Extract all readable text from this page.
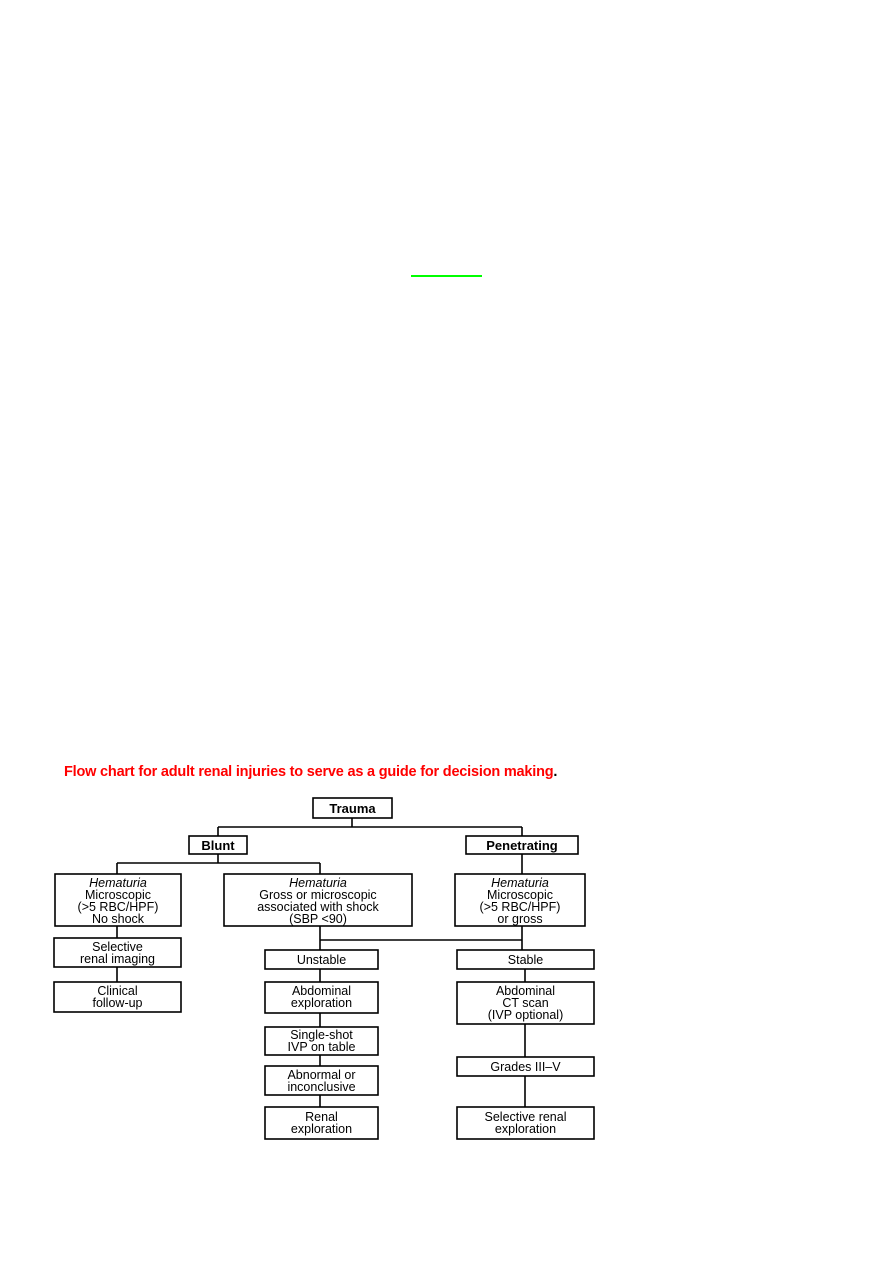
Flow chart for adult renal injuries to serve as a guide for decision making.
Trauma
Blunt	Penetrating
Hematuria
Microscopic
(>5 RBC/HPF)
No shock
Hematuria
Gross or microscopic
associated with shock
(SBP <90)
Hematuria
Microscopic
(>5 RBC/HPF)
or gross
Selective
renal imaging
Clinical
follow-up
Unstable	Stable
Abdominal
exploration
Single-shot
IVP on table
Abnormal or
inconclusive
Renal
exploration
Abdominal
CT scan
(IVP optional)
Grades III–V
Selective renal
exploration
